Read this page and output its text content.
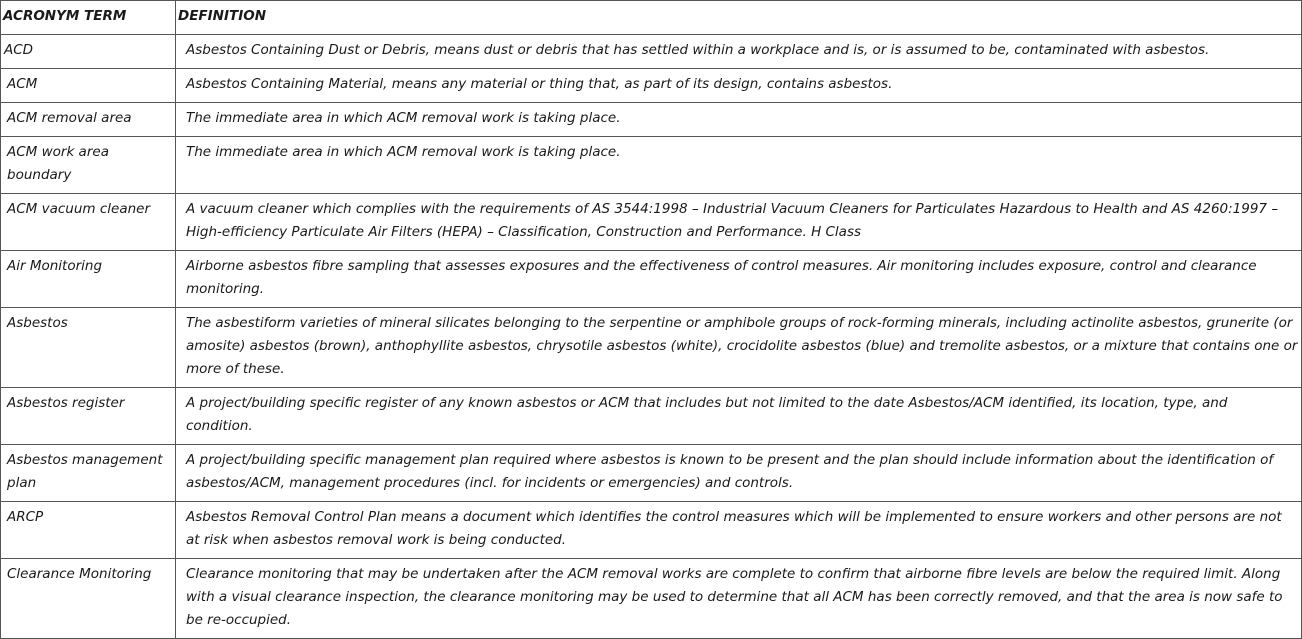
ACRONYM TERM	DEFINITION
ACD	Asbestos Containing Dust or Debris, means dust or debris that has settled within a workplace and is, or is assumed to be, contaminated with asbestos.
ACM	Asbestos Containing Material, means any material or thing that, as part of its design, contains asbestos.
ACM removal area	The immediate area in which ACM removal work is taking place.
ACM work area boundary	The immediate area in which ACM removal work is taking place.
ACM vacuum cleaner	A vacuum cleaner which complies with the requirements of AS 3544:1998 – Industrial Vacuum Cleaners for Particulates Hazardous to Health and AS 4260:1997 – High-efficiency Particulate Air Filters (HEPA) – Classification, Construction and Performance. H Class
Air Monitoring	Airborne asbestos fibre sampling that assesses exposures and the effectiveness of control measures. Air monitoring includes exposure, control and clearance monitoring.
Asbestos	The asbestiform varieties of mineral silicates belonging to the serpentine or amphibole groups of rock-forming minerals, including actinolite asbestos, grunerite (or amosite) asbestos (brown), anthophyllite asbestos, chrysotile asbestos (white), crocidolite asbestos (blue) and tremolite asbestos, or a mixture that contains one or more of these.
Asbestos register	A project/building specific register of any known asbestos or ACM that includes but not limited to the date Asbestos/ACM identified, its location, type, and condition.
Asbestos management plan	A project/building specific management plan required where asbestos is known to be present and the plan should include information about the identification of asbestos/ACM, management procedures (incl. for incidents or emergencies) and controls.
ARCP	Asbestos Removal Control Plan means a document which identifies the control measures which will be implemented to ensure workers and other persons are not at risk when asbestos removal work is being conducted.
Clearance Monitoring	Clearance monitoring that may be undertaken after the ACM removal works are complete to confirm that airborne fibre levels are below the required limit. Along with a visual clearance inspection, the clearance monitoring may be used to determine that all ACM has been correctly removed, and that the area is now safe to be re-occupied.
